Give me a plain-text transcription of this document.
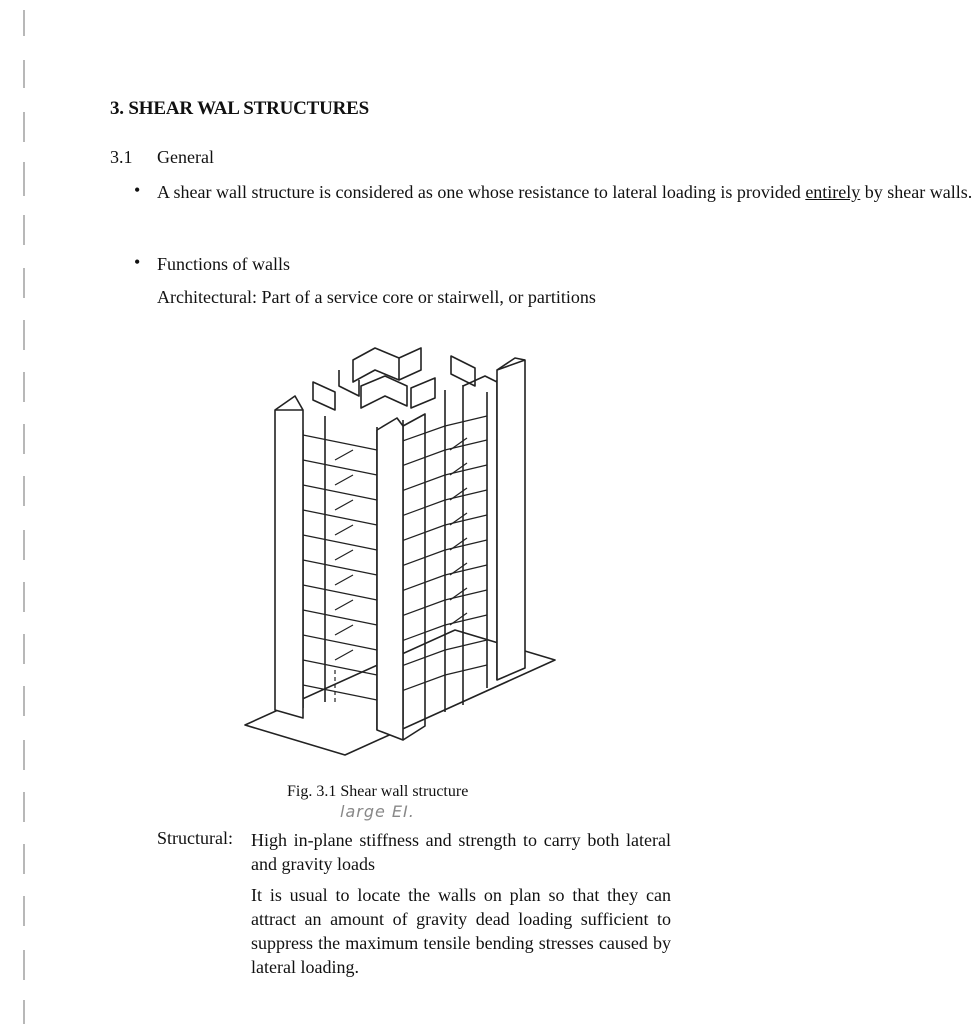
3. SHEAR WAL STRUCTURES
3.1 General
• A shear wall structure is considered as one whose resistance to lateral loading is provided entirely by shear walls.
• Functions of walls
Architectural: Part of a service core or stairwell, or partitions
Fig. 3.1 Shear wall structure
large EI.
Structural: High in-plane stiffness and strength to carry both lateral and gravity loads
It is usual to locate the walls on plan so that they can attract an amount of gravity dead loading sufficient to suppress the maximum tensile bending stresses caused by lateral loading.
